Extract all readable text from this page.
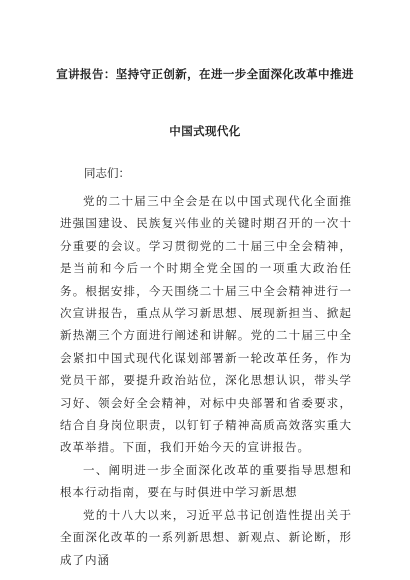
宣讲报告：坚持守正创新，在进一步全面深化改革中推进
中国式现代化
同志们：

党的二十届三中全会是在以中国式现代化全面推进强国建设、民族复兴伟业的关键时期召开的一次十分重要的会议。学习贯彻党的二十届三中全会精神，是当前和今后一个时期全党全国的一项重大政治任务。根据安排，今天围绕二十届三中全会精神进行一次宣讲报告，重点从学习新思想、展现新担当、掀起新热潮三个方面进行阐述和讲解。党的二十届三中全会紧扣中国式现代化谋划部署新一轮改革任务，作为党员干部，要提升政治站位，深化思想认识，带头学习好、领会好全会精神，对标中央部署和省委要求，结合自身岗位职责，以钉钉子精神高质高效落实重大改革举措。下面，我们开始今天的宣讲报告。

一、阐明进一步全面深化改革的重要指导思想和根本行动指南，要在与时俱进中学习新思想

党的十八大以来，习近平总书记创造性提出关于全面深化改革的一系列新思想、新观点、新论断，形成了内涵
